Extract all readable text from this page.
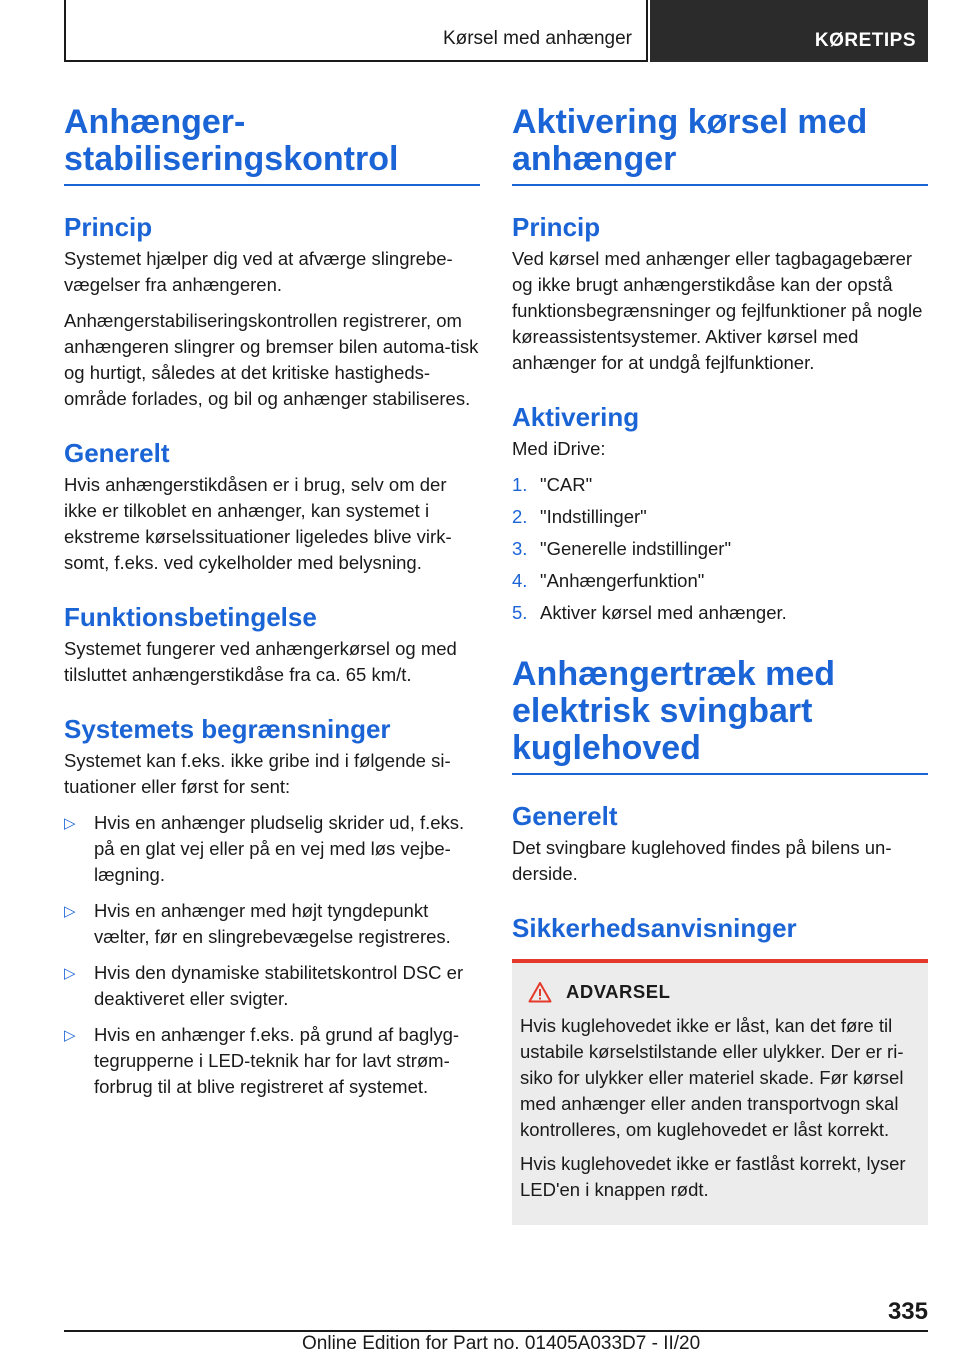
Kørsel med anhænger	KØRETIPS
Anhænger-
stabiliseringskontrol
Princip

Systemet hjælper dig ved at afværge slingrebe-vægelser fra anhængeren.

Anhængerstabiliseringskontrollen registrerer, om anhængeren slingrer og bremser bilen automa-tisk og hurtigt, således at det kritiske hastigheds-område forlades, og bil og anhænger stabiliseres.

Generelt

Hvis anhængerstikdåsen er i brug, selv om der ikke er tilkoblet en anhænger, kan systemet i ekstreme kørselssituationer ligeledes blive virk-somt, f.eks. ved cykelholder med belysning.

Funktionsbetingelse

Systemet fungerer ved anhængerkørsel og med tilsluttet anhængerstikdåse fra ca. 65 km/t.

Systemets begrænsninger

Systemet kan f.eks. ikke gribe ind i følgende si-tuationer eller først for sent:

▷ Hvis en anhænger pludselig skrider ud, f.eks. på en glat vej eller på en vej med løs vejbe-lægning.
▷ Hvis en anhænger med højt tyngdepunkt vælter, før en slingrebevægelse registreres.
▷ Hvis den dynamiske stabilitetskontrol DSC er deaktiveret eller svigter.
▷ Hvis en anhænger f.eks. på grund af baglyg-tegrupperne i LED-teknik har for lavt strøm-forbrug til at blive registreret af systemet.
Aktivering kørsel med anhænger
Princip

Ved kørsel med anhænger eller tagbagagebærer og ikke brugt anhængerstikdåse kan der opstå funktionsbegrænsninger og fejlfunktioner på nogle køreassistentsystemer. Aktiver kørsel med anhænger for at undgå fejlfunktioner.

Aktivering

Med iDrive:

1. "CAR"
2. "Indstillinger"
3. "Generelle indstillinger"
4. "Anhængerfunktion"
5. Aktiver kørsel med anhænger.
Anhængertræk med elektrisk svingbart kuglehoved
Generelt

Det svingbare kuglehoved findes på bilens un-derside.

Sikkerhedsanvisninger
ADVARSEL

Hvis kuglehovedet ikke er låst, kan det føre til ustabile kørselstilstande eller ulykker. Der er ri-siko for ulykker eller materiel skade. Før kørsel med anhænger eller anden transportvogn skal kontrolleres, om kuglehovedet er låst korrekt.

Hvis kuglehovedet ikke er fastlåst korrekt, lyser LED'en i knappen rødt.

335
Online Edition for Part no. 01405A033D7 - II/20
